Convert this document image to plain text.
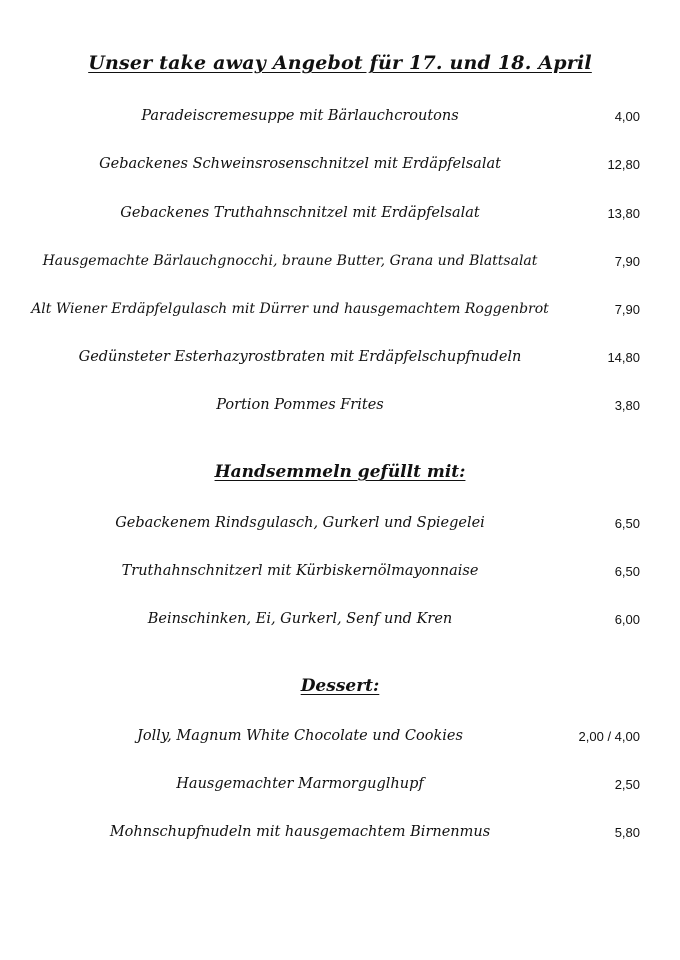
Unser take away Angebot für 17. und 18. April
Paradeiscremesuppe mit Bärlauchcroutons	4,00
Gebackenes Schweinsrosenschnitzel mit Erdäpfelsalat	12,80
Gebackenes Truthahnschnitzel mit Erdäpfelsalat	13,80
Hausgemachte Bärlauchgnocchi, braune Butter, Grana und Blattsalat	7,90
Alt Wiener Erdäpfelgulasch mit Dürrer und hausgemachtem Roggenbrot	7,90
Gedünsteter Esterhazyrostbraten mit Erdäpfelschupfnudeln	14,80
Portion Pommes Frites	3,80
Handsemmeln gefüllt mit:
Gebackenem Rindsgulasch, Gurkerl und Spiegelei	6,50
Truthahnschnitzerl mit Kürbiskernölmayonnaise	6,50
Beinschinken, Ei, Gurkerl, Senf und Kren	6,00
Dessert:
Jolly, Magnum White Chocolate und Cookies	2,00 / 4,00
Hausgemachter Marmorguglhupf	2,50
Mohnschupfnudeln mit hausgemachtem Birnenmus	5,80
